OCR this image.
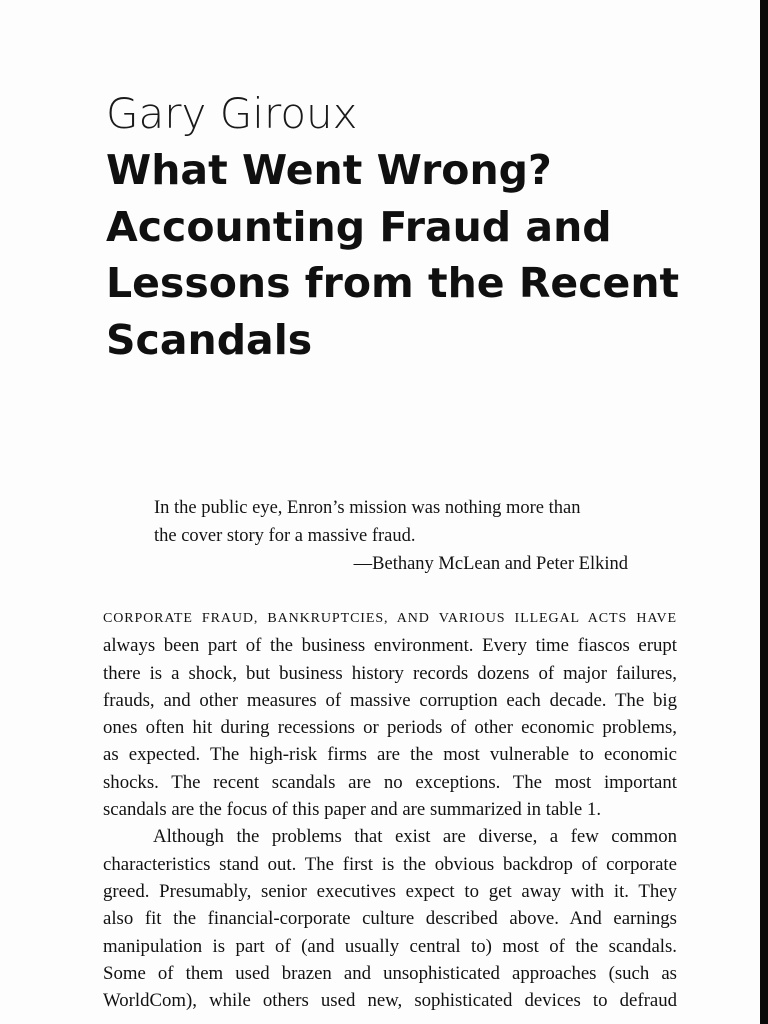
Gary Giroux
What Went Wrong?
Accounting Fraud and
Lessons from the Recent
Scandals
In the public eye, Enron’s mission was nothing more than
the cover story for a massive fraud.
—Bethany McLean and Peter Elkind
CORPORATE FRAUD, BANKRUPTCIES, AND VARIOUS ILLEGAL ACTS HAVE
always been part of the business environment. Every time fiascos erupt
there is a shock, but business history records dozens of major failures,
frauds, and other measures of massive corruption each decade. The big
ones often hit during recessions or periods of other economic problems,
as expected. The high-risk firms are the most vulnerable to economic
shocks. The recent scandals are no exceptions. The most important
scandals are the focus of this paper and are summarized in table 1.
Although the problems that exist are diverse, a few common
characteristics stand out. The first is the obvious backdrop of corporate
greed. Presumably, senior executives expect to get away with it. They
also fit the financial-corporate culture described above. And earnings
manipulation is part of (and usually central to) most of the scandals.
Some of them used brazen and unsophisticated approaches (such as
WorldCom), while others used new, sophisticated devices to defraud
